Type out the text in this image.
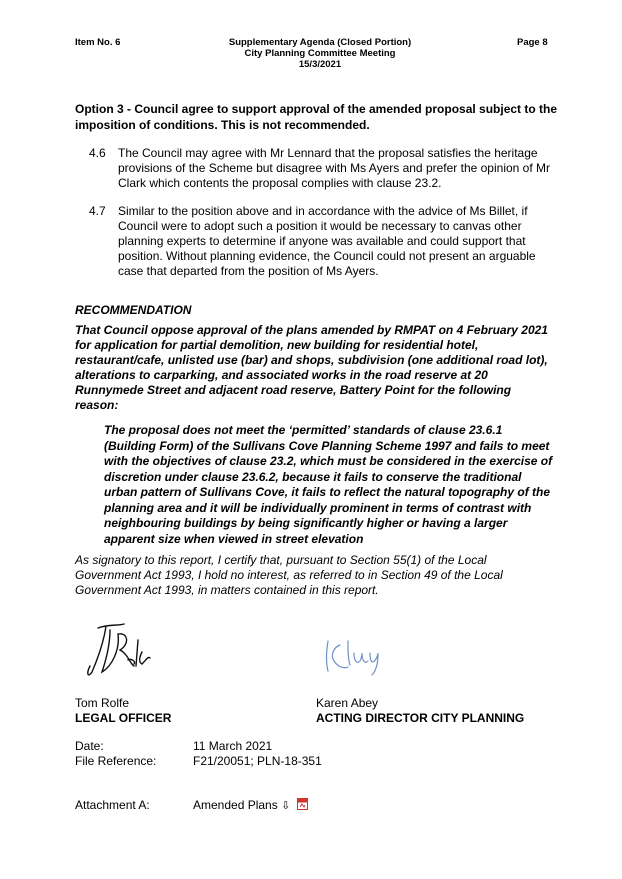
Item No. 6	Supplementary Agenda (Closed Portion)
City Planning Committee Meeting
15/3/2021
Page 8
Option 3 - Council agree to support approval of the amended proposal subject to the imposition of conditions. This is not recommended.
4.6 The Council may agree with Mr Lennard that the proposal satisfies the heritage provisions of the Scheme but disagree with Ms Ayers and prefer the opinion of Mr Clark which contents the proposal complies with clause 23.2.
4.7 Similar to the position above and in accordance with the advice of Ms Billet, if Council were to adopt such a position it would be necessary to canvas other planning experts to determine if anyone was available and could support that position. Without planning evidence, the Council could not present an arguable case that departed from the position of Ms Ayers.
RECOMMENDATION
That Council oppose approval of the plans amended by RMPAT on 4 February 2021 for application for partial demolition, new building for residential hotel, restaurant/cafe, unlisted use (bar) and shops, subdivision (one additional road lot), alterations to carparking, and associated works in the road reserve at 20 Runnymede Street and adjacent road reserve, Battery Point for the following reason:
The proposal does not meet the ‘permitted’ standards of clause 23.6.1 (Building Form) of the Sullivans Cove Planning Scheme 1997 and fails to meet with the objectives of clause 23.2, which must be considered in the exercise of discretion under clause 23.6.2, because it fails to conserve the traditional urban pattern of Sullivans Cove, it fails to reflect the natural topography of the planning area and it will be individually prominent in terms of contrast with neighbouring buildings by being significantly higher or having a larger apparent size when viewed in street elevation
As signatory to this report, I certify that, pursuant to Section 55(1) of the Local Government Act 1993, I hold no interest, as referred to in Section 49 of the Local Government Act 1993, in matters contained in this report.
Tom Rolfe
LEGAL OFFICER
Karen Abey
ACTING DIRECTOR CITY PLANNING
Date:	11 March 2021
File Reference:	F21/20051; PLN-18-351
Attachment A:	Amended Plans ⇩
